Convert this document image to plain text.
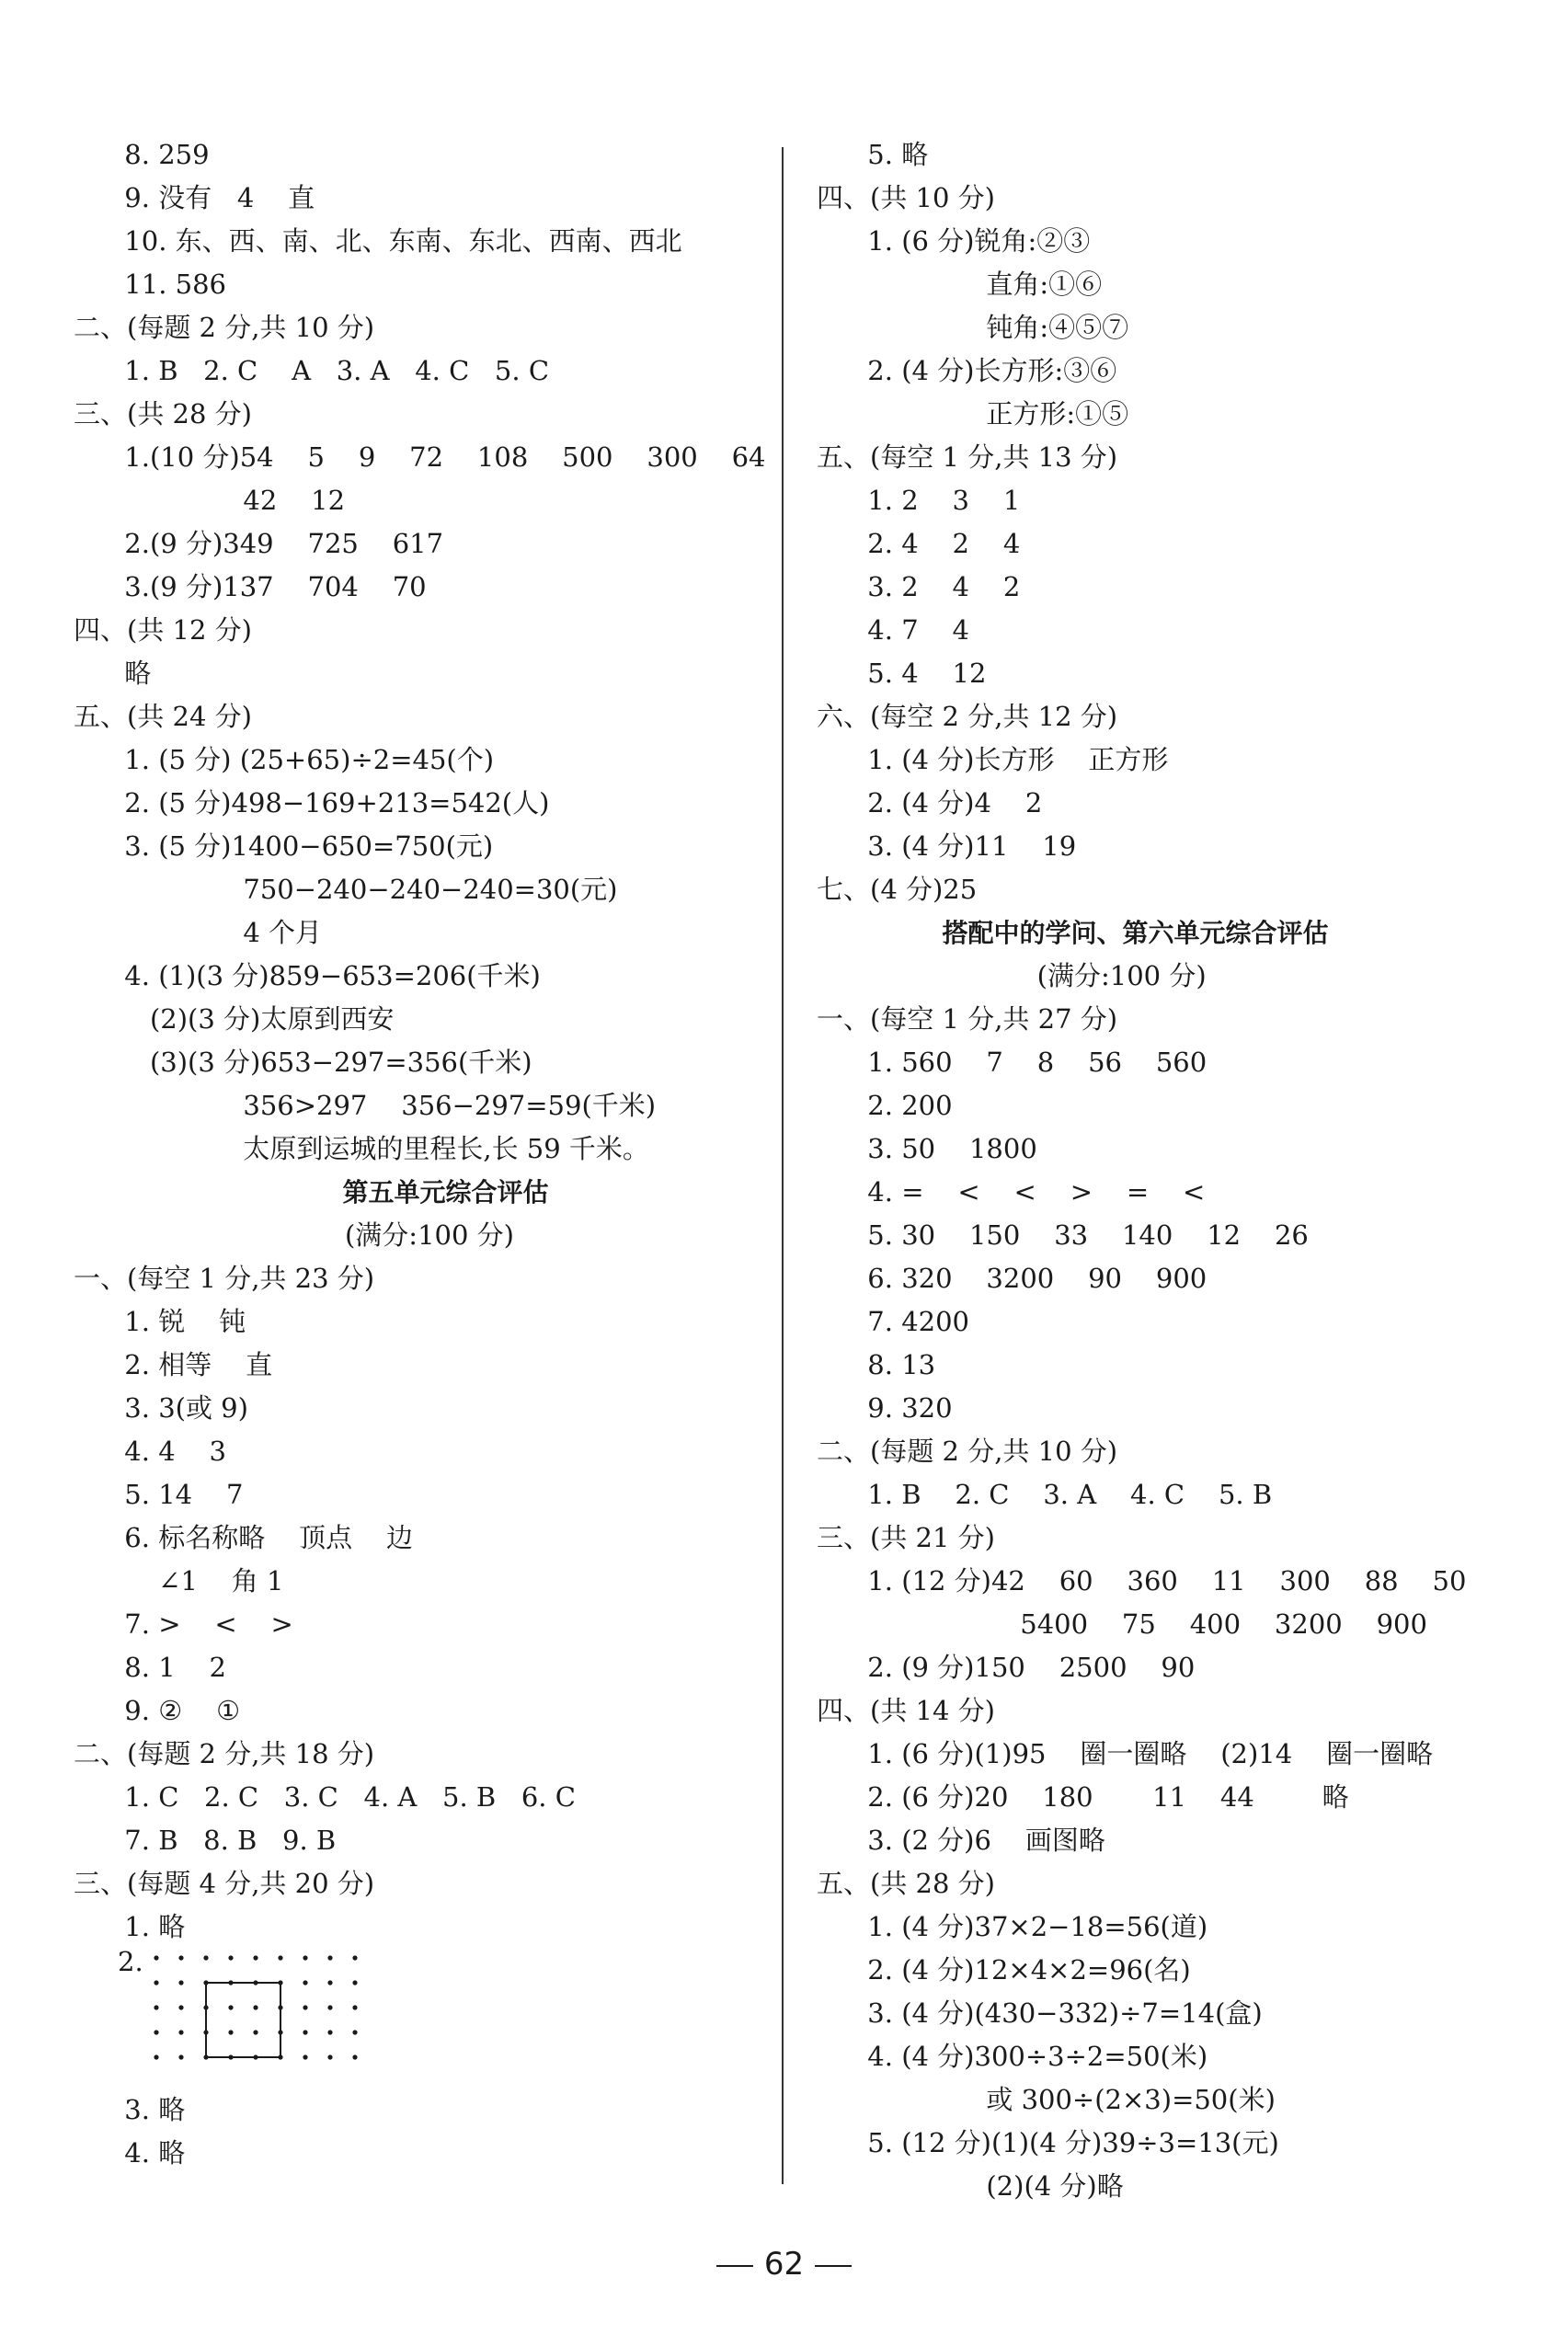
8. 259
9. 没有   4    直
10. 东、西、南、北、东南、东北、西南、西北
11. 586
二、(每题 2 分,共 10 分)
1. B   2. C    A   3. A   4. C   5. C
三、(共 28 分)
1.(10 分)54    5    9    72    108    500    300    64
42    12
2.(9 分)349    725    617
3.(9 分)137    704    70
四、(共 12 分)
略
五、(共 24 分)
1. (5 分) (25+65)÷2=45(个)
2. (5 分)498−169+213=542(人)
3. (5 分)1400−650=750(元)
750−240−240−240=30(元)
4 个月
4. (1)(3 分)859−653=206(千米)
(2)(3 分)太原到西安
(3)(3 分)653−297=356(千米)
356>297    356−297=59(千米)
太原到运城的里程长,长 59 千米。
第五单元综合评估
(满分:100 分)
一、(每空 1 分,共 23 分)
1. 锐    钝
2. 相等    直
3. 3(或 9)
4. 4    3
5. 14    7
6. 标名称略    顶点    边
∠1    角 1
7. >    <    >
8. 1    2
9. ②    ①
二、(每题 2 分,共 18 分)
1. C   2. C   3. C   4. A   5. B   6. C
7. B   8. B   9. B
三、(每题 4 分,共 20 分)
1. 略
2.
3. 略
4. 略
5. 略
四、(共 10 分)
1. (6 分)锐角:②③
直角:①⑥
钝角:④⑤⑦
2. (4 分)长方形:③⑥
正方形:①⑤
五、(每空 1 分,共 13 分)
1. 2    3    1
2. 4    2    4
3. 2    4    2
4. 7    4
5. 4    12
六、(每空 2 分,共 12 分)
1. (4 分)长方形    正方形
2. (4 分)4    2
3. (4 分)11    19
七、(4 分)25
搭配中的学问、第六单元综合评估
(满分:100 分)
一、(每空 1 分,共 27 分)
1. 560    7    8    56    560
2. 200
3. 50    1800
4. =    <    <    >    =    <
5. 30    150    33    140    12    26
6. 320    3200    90    900
7. 4200
8. 13
9. 320
二、(每题 2 分,共 10 分)
1. B    2. C    3. A    4. C    5. B
三、(共 21 分)
1. (12 分)42    60    360    11    300    88    50
5400    75    400    3200    900
2. (9 分)150    2500    90
四、(共 14 分)
1. (6 分)(1)95    圈一圈略    (2)14    圈一圈略
2. (6 分)20    180       11    44        略
3. (2 分)6    画图略
五、(共 28 分)
1. (4 分)37×2−18=56(道)
2. (4 分)12×4×2=96(名)
3. (4 分)(430−332)÷7=14(盒)
4. (4 分)300÷3÷2=50(米)
或 300÷(2×3)=50(米)
5. (12 分)(1)(4 分)39÷3=13(元)
(2)(4 分)略
62
